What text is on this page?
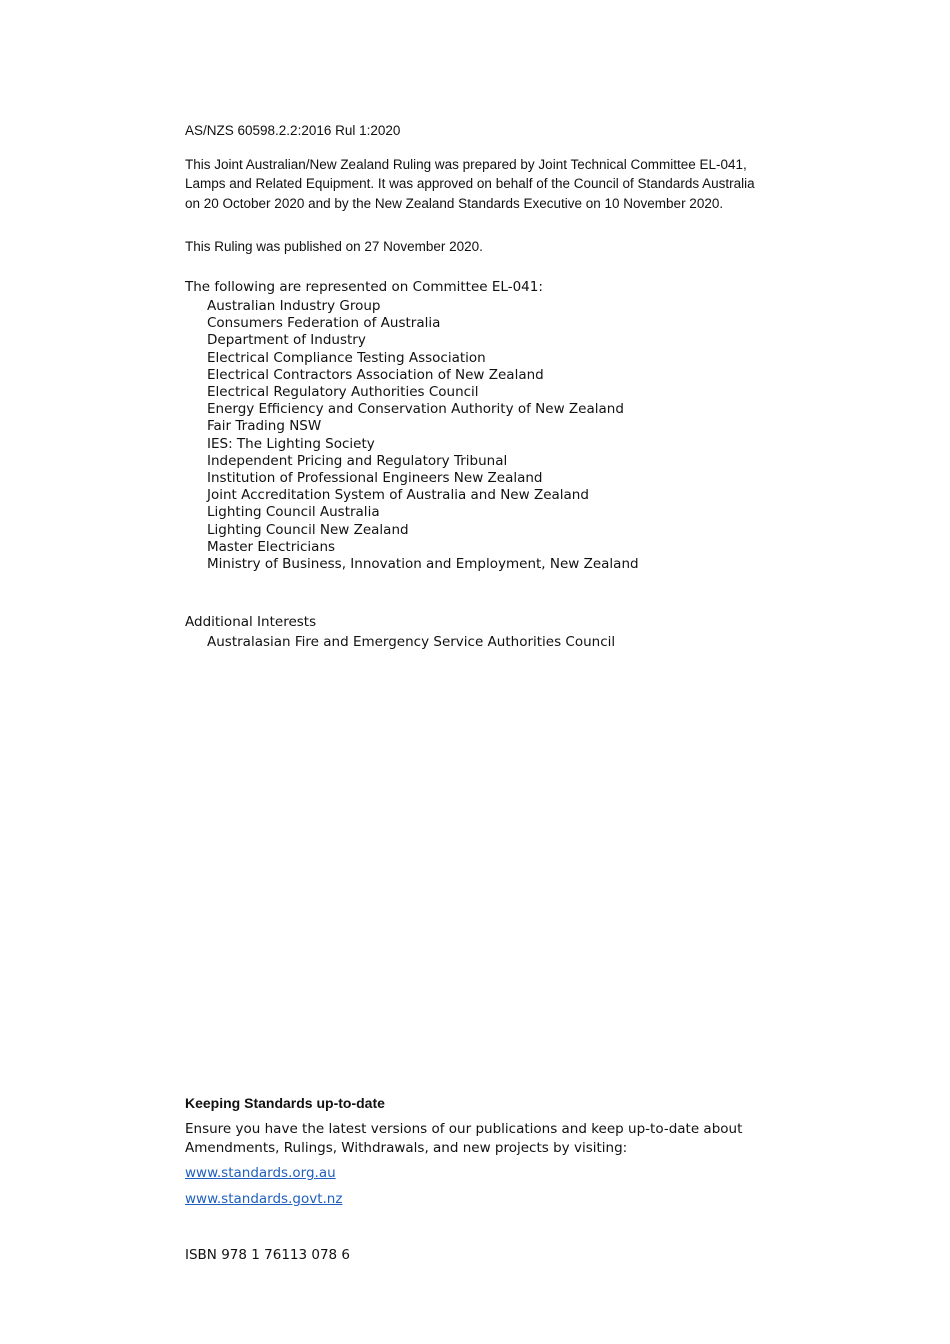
AS/NZS 60598.2.2:2016 Rul 1:2020

This Joint Australian/New Zealand Ruling was prepared by Joint Technical Committee EL-041, Lamps and Related Equipment. It was approved on behalf of the Council of Standards Australia on 20 October 2020 and by the New Zealand Standards Executive on 10 November 2020.

This Ruling was published on 27 November 2020.
The following are represented on Committee EL-041:
Australian Industry Group
Consumers Federation of Australia
Department of Industry
Electrical Compliance Testing Association
Electrical Contractors Association of New Zealand
Electrical Regulatory Authorities Council
Energy Efficiency and Conservation Authority of New Zealand
Fair Trading NSW
IES: The Lighting Society
Independent Pricing and Regulatory Tribunal
Institution of Professional Engineers New Zealand
Joint Accreditation System of Australia and New Zealand
Lighting Council Australia
Lighting Council New Zealand
Master Electricians
Ministry of Business, Innovation and Employment, New Zealand
Additional Interests
Australasian Fire and Emergency Service Authorities Council
Keeping Standards up-to-date

Ensure you have the latest versions of our publications and keep up-to-date about Amendments, Rulings, Withdrawals, and new projects by visiting:

www.standards.org.au
www.standards.govt.nz
ISBN 978 1 76113 078 6
